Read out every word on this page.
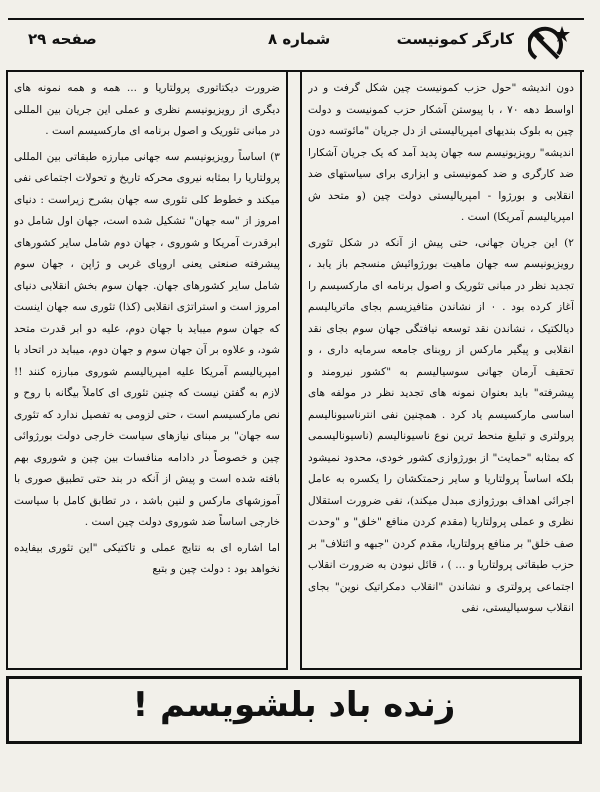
کارگر کمونیست
شماره ۸
صفحه ۲۹

ضرورت دیکتاتوری پرولتاریا و ... همه و همه نمونه های دیگری از رویزیونیسم نظری و عملی این جریان بین المللی در مبانی تئوریک و اصول برنامه ای مارکسیسم است .

۳) اساساً رویزیونیسم سه جهانی مبارزه طبقاتی بین المللی پرولتاریا را بمثابه نیروی محرکه تاریخ و تحولات اجتماعی نفی میکند و خطوط کلی تئوری سه جهان بشرح زیراست : دنیای امروز از "سه جهان" تشکیل شده است، جهان اول شامل دو ابرقدرت آمریکا و شوروی ، جهان دوم شامل سایر کشورهای پیشرفته صنعتی یعنی اروپای غربی و ژاپن ، جهان سوم شامل سایر کشورهای جهان. جهان سوم بخش انقلابی دنیای امروز است و استراتژی انقلابی (کذا) تئوری سه جهان اینست که جهان سوم میباید با جهان دوم، علیه دو ابر قدرت متحد شود، و علاوه بر آن جهان سوم و جهان دوم، میباید در اتحاد با امپریالیسم آمریکا علیه امپریالیسم شوروی مبارزه کنند !! لازم به گفتن نیست که چنین تئوری ای کاملاً بیگانه با روح و نص مارکسیسم است ، حتی لزومی به تفصیل ندارد که تئوری سه جهان" بر مبنای نیازهای سیاست خارجی دولت بورژوائی چین و خصوصاً در دادامه منافسات بین چین و شوروی بهم بافته شده است و پیش از آنکه در بند حتی تطبیق صوری با آموزشهای مارکس و لنین باشد ، در تطابق کامل با سیاست خارجی اساساً ضد شوروی دولت چین است .

اما اشاره ای به نتایج عملی و تاکتیکی "این تئوری بیفایده نخواهد بود : دولت چین و بتبع

دون اندیشه "حول حزب کمونیست چین شکل گرفت و در اواسط دهه ۷۰ ، با پیوستن آشکار حزب کمونیست و دولت چین به بلوک بندیهای امپریالیستی از دل جریان "مائوتسه دون اندیشه" رویزیونیسم سه جهان پدید آمد که یک جریان آشکارا ضد کارگری و ضد کمونیستی و ابزاری برای سیاستهای ضد انقلابی و بورژوا - امپریالیستی دولت چین (و متحد ش امپریالیسم آمریکا) است .

۲) این جریان جهانی، حتی پیش از آنکه در شکل تئوری رویزیونیسم سه جهان ماهیت بورژوائیش منسجم باز یابد ، تجدید نظر در مبانی تئوریک و اصول برنامه ای مارکسیسم را آغاز کرده بود . ۰ از نشاندن متافیزیسم بجای ماتریالیسم دیالکتیک ، نشاندن نقد توسعه نیافتگی جهان سوم بجای نقد انقلابی و پیگیر مارکس از روبنای جامعه سرمایه داری ، و تحقیف آرمان جهانی سوسیالیسم به "کشور نیرومند و پیشرفته" باید بعنوان نمونه های تجدید نظر در مولفه های اساسی مارکسیسم یاد کرد . همچنین نفی انترناسیونالیسم پرولتری و تبلیغ منحط ترین نوع ناسیونالیسم (ناسیونالیسمی که بمثابه "حمایت" از بورژوازی کشور خودی، محدود نمیشود بلکه اساساً پرولتاریا و سایر زحمتکشان را یکسره به عامل اجرائی اهداف بورژوازی مبدل میکند)، نفی ضرورت استقلال نظری و عملی پرولتاریا (مقدم کردن منافع "خلق" و "وحدت صف خلق" بر منافع پرولتاریا، مقدم کردن "جبهه و ائتلاف" بر حزب طبقاتی پرولتاریا و ... ) ، قائل نبودن به ضرورت انقلاب اجتماعی پرولتری و نشاندن "انقلاب دمکراتیک نوین" بجای انقلاب سوسیالیستی، نفی

زنده باد بلشویسم !
